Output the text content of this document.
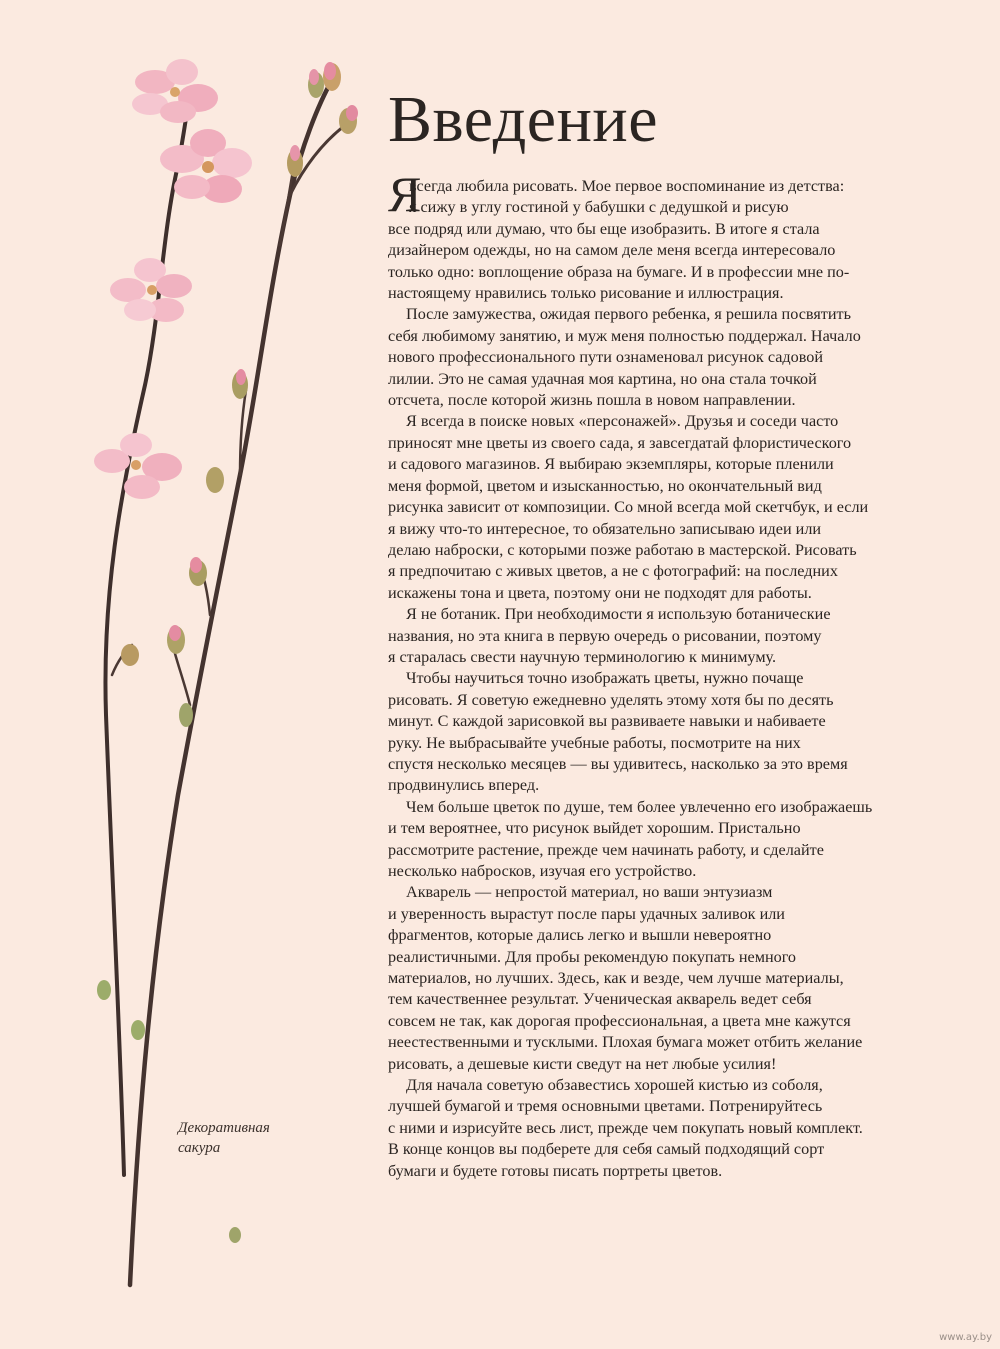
Декоративная
сакура
Введение
Я
всегда любила рисовать. Мое первое воспоминание из детства:
я сижу в углу гостиной у бабушки с дедушкой и рисую
все подряд или думаю, что бы еще изобразить. В итоге я стала
дизайнером одежды, но на самом деле меня всегда интересовало
только одно: воплощение образа на бумаге. И в профессии мне по-
настоящему нравились только рисование и иллюстрация.
После замужества, ожидая первого ребенка, я решила посвятить
себя любимому занятию, и муж меня полностью поддержал. Начало
нового профессионального пути ознаменовал рисунок садовой
лилии. Это не самая удачная моя картина, но она стала точкой
отсчета, после которой жизнь пошла в новом направлении.
Я всегда в поиске новых «персонажей». Друзья и соседи часто
приносят мне цветы из своего сада, я завсегдатай флористического
и садового магазинов. Я выбираю экземпляры, которые пленили
меня формой, цветом и изысканностью, но окончательный вид
рисунка зависит от композиции. Со мной всегда мой скетчбук, и если
я вижу что-то интересное, то обязательно записываю идеи или
делаю наброски, с которыми позже работаю в мастерской. Рисовать
я предпочитаю с живых цветов, а не с фотографий: на последних
искажены тона и цвета, поэтому они не подходят для работы.
Я не ботаник. При необходимости я использую ботанические
названия, но эта книга в первую очередь о рисовании, поэтому
я старалась свести научную терминологию к минимуму.
Чтобы научиться точно изображать цветы, нужно почаще
рисовать. Я советую ежедневно уделять этому хотя бы по десять
минут. С каждой зарисовкой вы развиваете навыки и набиваете
руку. Не выбрасывайте учебные работы, посмотрите на них
спустя несколько месяцев — вы удивитесь, насколько за это время
продвинулись вперед.
Чем больше цветок по душе, тем более увлеченно его изображаешь
и тем вероятнее, что рисунок выйдет хорошим. Пристально
рассмотрите растение, прежде чем начинать работу, и сделайте
несколько набросков, изучая его устройство.
Акварель — непростой материал, но ваши энтузиазм
и уверенность вырастут после пары удачных заливок или
фрагментов, которые дались легко и вышли невероятно
реалистичными. Для пробы рекомендую покупать немного
материалов, но лучших. Здесь, как и везде, чем лучше материалы,
тем качественнее результат. Ученическая акварель ведет себя
совсем не так, как дорогая профессиональная, а цвета мне кажутся
неестественными и тусклыми. Плохая бумага может отбить желание
рисовать, а дешевые кисти сведут на нет любые усилия!
Для начала советую обзавестись хорошей кистью из соболя,
лучшей бумагой и тремя основными цветами. Потренируйтесь
с ними и изрисуйте весь лист, прежде чем покупать новый комплект.
В конце концов вы подберете для себя самый подходящий сорт
бумаги и будете готовы писать портреты цветов.
www.ay.by
